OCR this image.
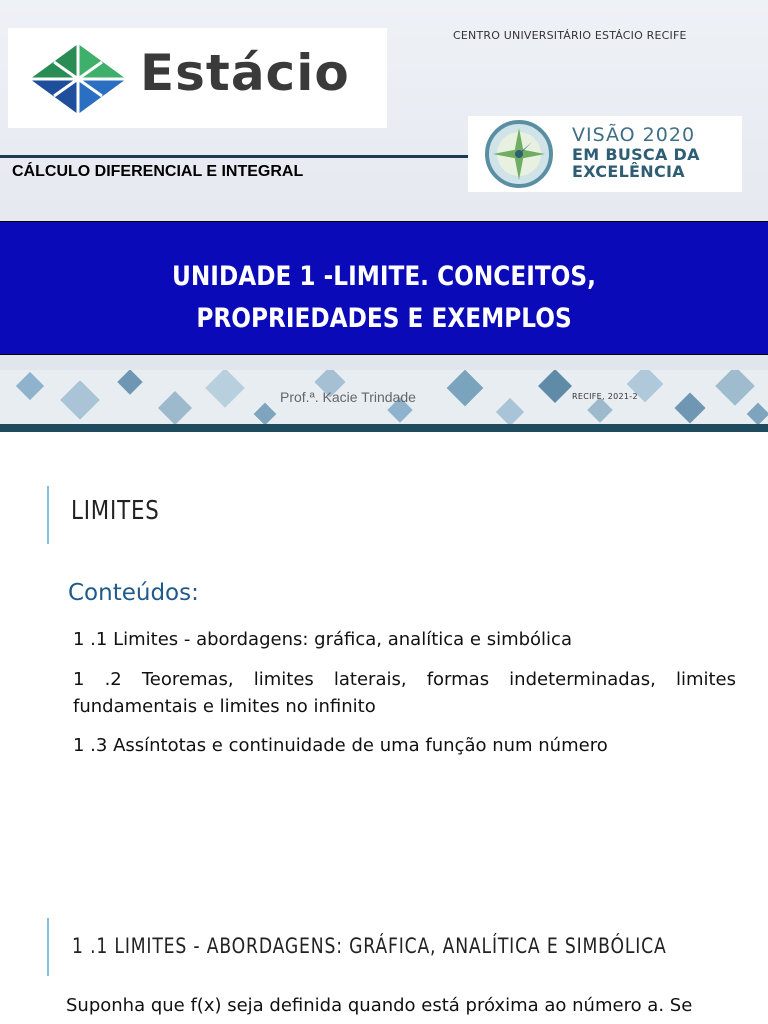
Estácio
CENTRO UNIVERSITÁRIO ESTÁCIO RECIFE
CÁLCULO DIFERENCIAL E INTEGRAL
VISÃO 2020
EM BUSCA DA
EXCELÊNCIA
UNIDADE 1 -LIMITE. CONCEITOS, PROPRIEDADES E EXEMPLOS
Prof.ª. Kacie Trindade	RECIFE, 2021-2
LIMITES
Conteúdos:
1 .1 Limites - abordagens: gráfica, analítica e simbólica
1 .2 Teoremas, limites laterais, formas indeterminadas, limites fundamentais e limites no infinito
1 .3 Assíntotas e continuidade de uma função num número
1 .1 LIMITES - ABORDAGENS: GRÁFICA, ANALÍTICA E SIMBÓLICA
Suponha que f(x) seja definida quando está próxima ao número a. Se
